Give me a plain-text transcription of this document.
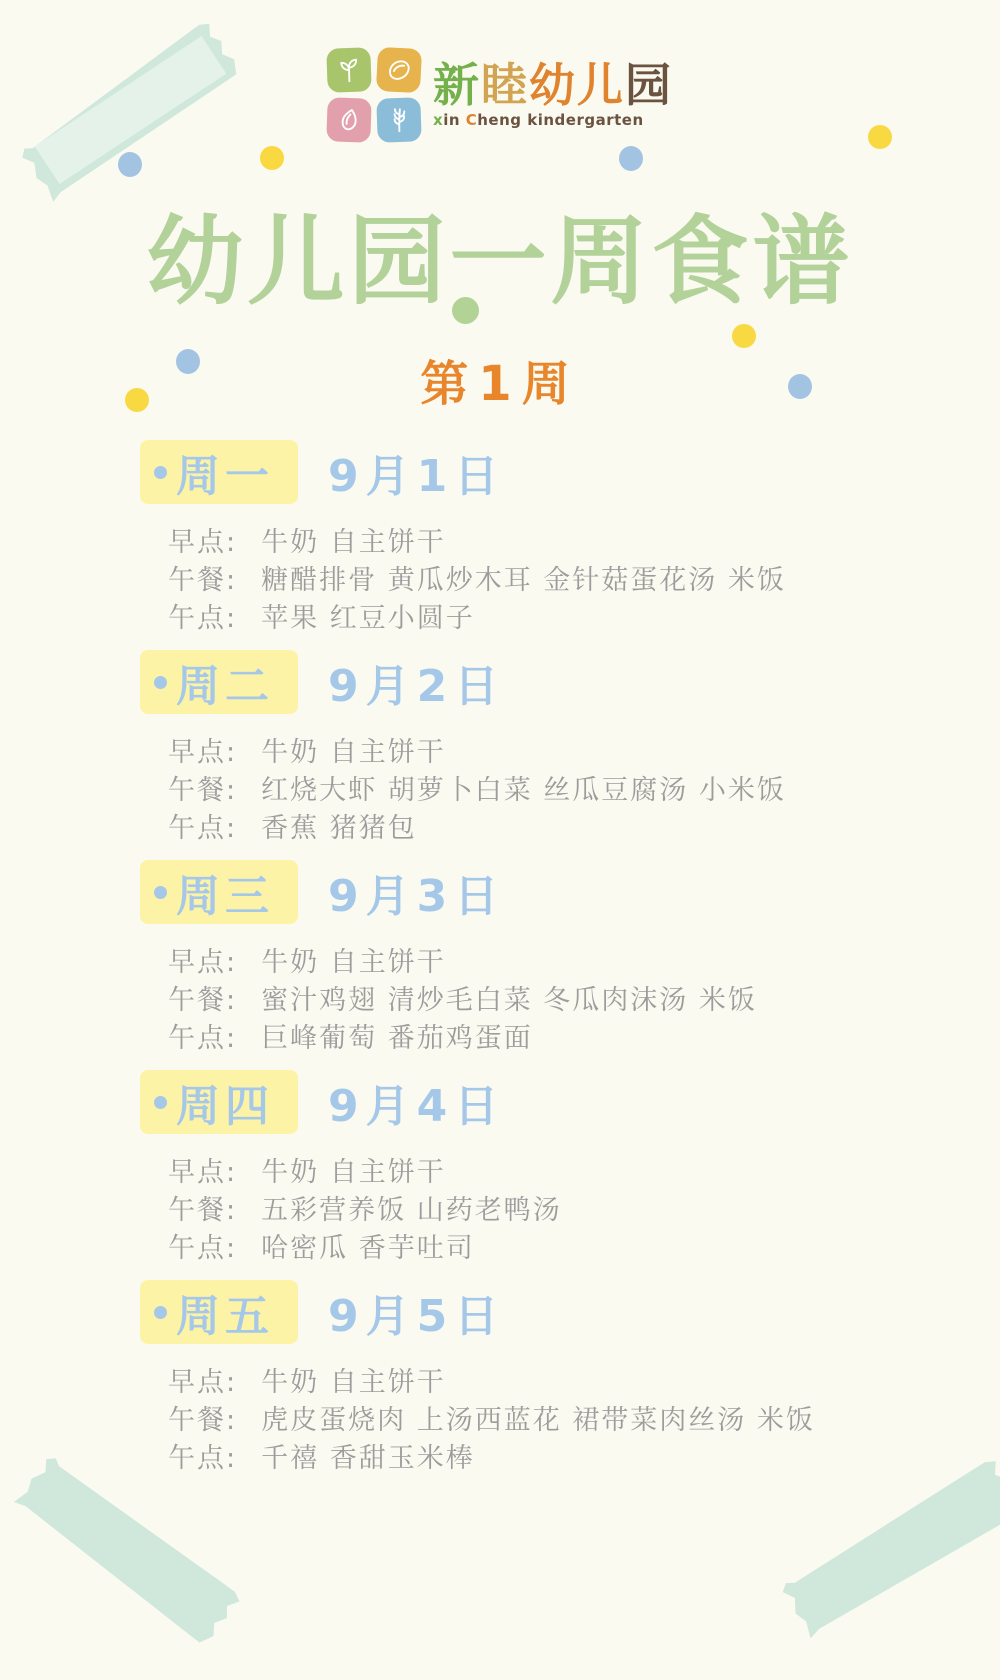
新睦幼儿园
xin Cheng kindergarten
幼儿园一周食谱
第1周
周一 9月1日
早点: 牛奶 自主饼干
午餐: 糖醋排骨 黄瓜炒木耳 金针菇蛋花汤 米饭
午点: 苹果 红豆小圆子
周二 9月2日
早点: 牛奶 自主饼干
午餐: 红烧大虾 胡萝卜白菜 丝瓜豆腐汤 小米饭
午点: 香蕉 猪猪包
周三 9月3日
早点: 牛奶 自主饼干
午餐: 蜜汁鸡翅 清炒毛白菜 冬瓜肉沫汤 米饭
午点: 巨峰葡萄 番茄鸡蛋面
周四 9月4日
早点: 牛奶 自主饼干
午餐: 五彩营养饭 山药老鸭汤
午点: 哈密瓜 香芋吐司
周五 9月5日
早点: 牛奶 自主饼干
午餐: 虎皮蛋烧肉 上汤西蓝花 裙带菜肉丝汤 米饭
午点: 千禧 香甜玉米棒
